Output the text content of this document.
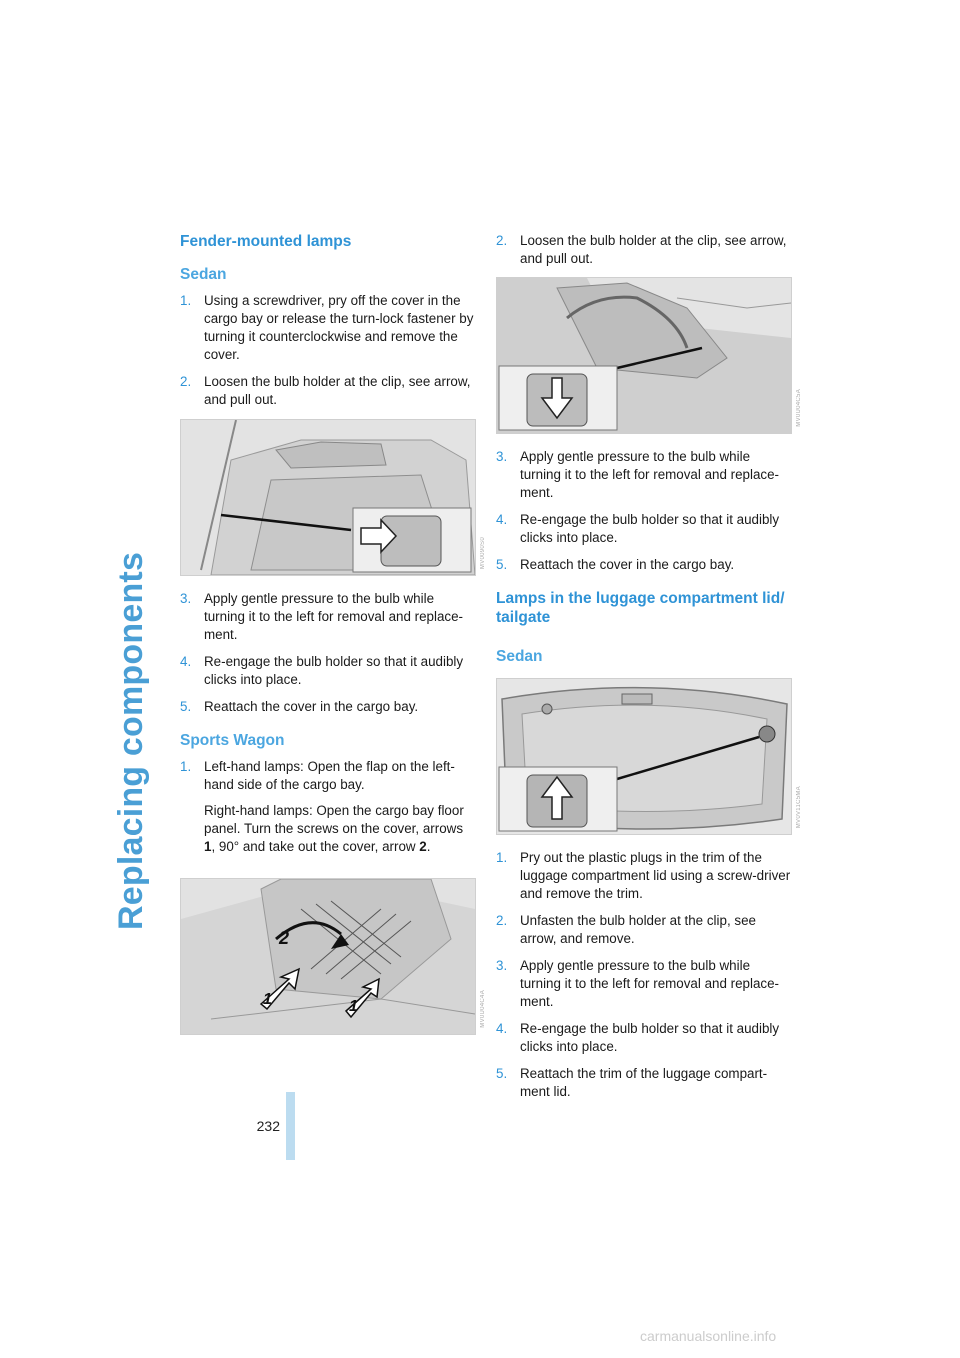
Replacing components
Fender-mounted lamps
Sedan
1. Using a screwdriver, pry off the cover in the cargo bay or release the turn-lock fastener by turning it counterclockwise and remove the cover.

2. Loosen the bulb holder at the clip, see arrow, and pull out.

MV0090S0
3. Apply gentle pressure to the bulb while turning it to the left for removal and replace-ment.

4. Re-engage the bulb holder so that it audibly clicks into place.

5. Reattach the cover in the cargo bay.

Sports Wagon
1. Left-hand lamps: Open the flap on the left-hand side of the cargo bay.

Right-hand lamps: Open the cargo bay floor panel. Turn the screws on the cover, arrows 1, 90° and take out the cover, arrow 2.

2
1	1	MV0U04C4A
2. Loosen the bulb holder at the clip, see arrow, and pull out.

MV0U04C5A
3. Apply gentle pressure to the bulb while turning it to the left for removal and replace-ment.

4. Re-engage the bulb holder so that it audibly clicks into place.

5. Reattach the cover in the cargo bay.

Lamps in the luggage compartment lid/ tailgate
Sedan
MV0V11C5MA
1. Pry out the plastic plugs in the trim of the luggage compartment lid using a screw-driver and remove the trim.

2. Unfasten the bulb holder at the clip, see arrow, and remove.

3. Apply gentle pressure to the bulb while turning it to the left for removal and replace-ment.

4. Re-engage the bulb holder so that it audibly clicks into place.

5. Reattach the trim of the luggage compart-ment lid.

232
carmanualsonline.info
